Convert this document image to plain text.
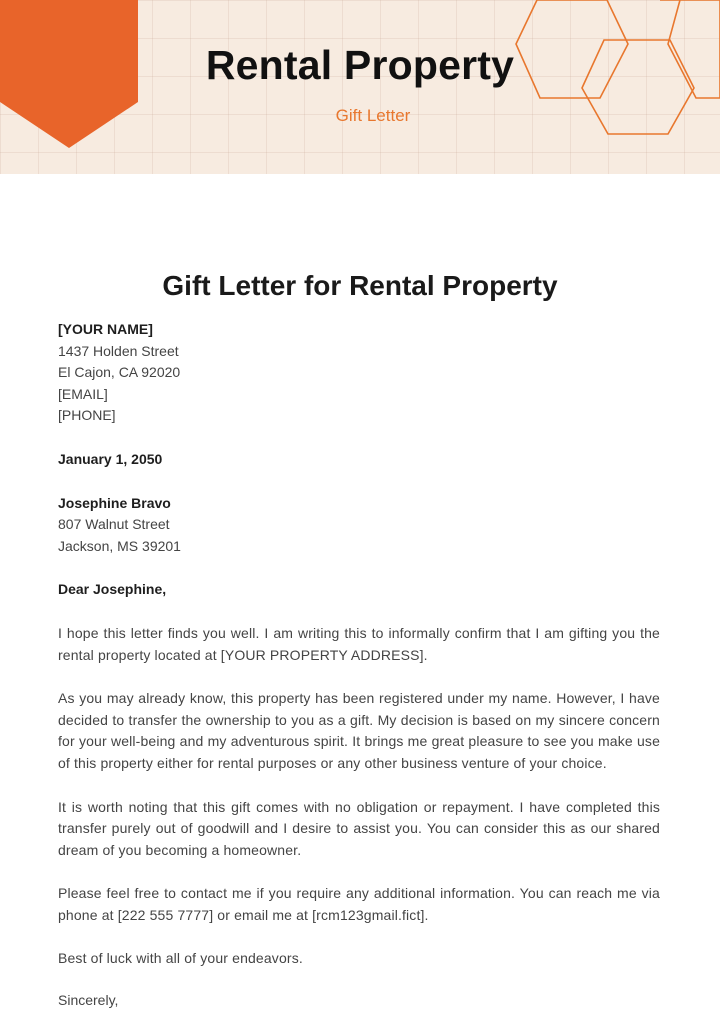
Rental Property
Gift Letter
Gift Letter for Rental Property
[YOUR NAME]
1437 Holden Street
El Cajon, CA 92020
[EMAIL]
[PHONE]
January 1, 2050
Josephine Bravo
807 Walnut Street
Jackson, MS 39201
Dear Josephine,

I hope this letter finds you well. I am writing this to informally confirm that I am gifting you the rental property located at [YOUR PROPERTY ADDRESS].

As you may already know, this property has been registered under my name. However, I have decided to transfer the ownership to you as a gift. My decision is based on my sincere concern for your well-being and my adventurous spirit. It brings me great pleasure to see you make use of this property either for rental purposes or any other business venture of your choice.

It is worth noting that this gift comes with no obligation or repayment. I have completed this transfer purely out of goodwill and I desire to assist you. You can consider this as our shared dream of you becoming a homeowner.

Please feel free to contact me if you require any additional information. You can reach me via phone at [222 555 7777] or email me at [rcm123gmail.fict].

Best of luck with all of your endeavors.

Sincerely,
